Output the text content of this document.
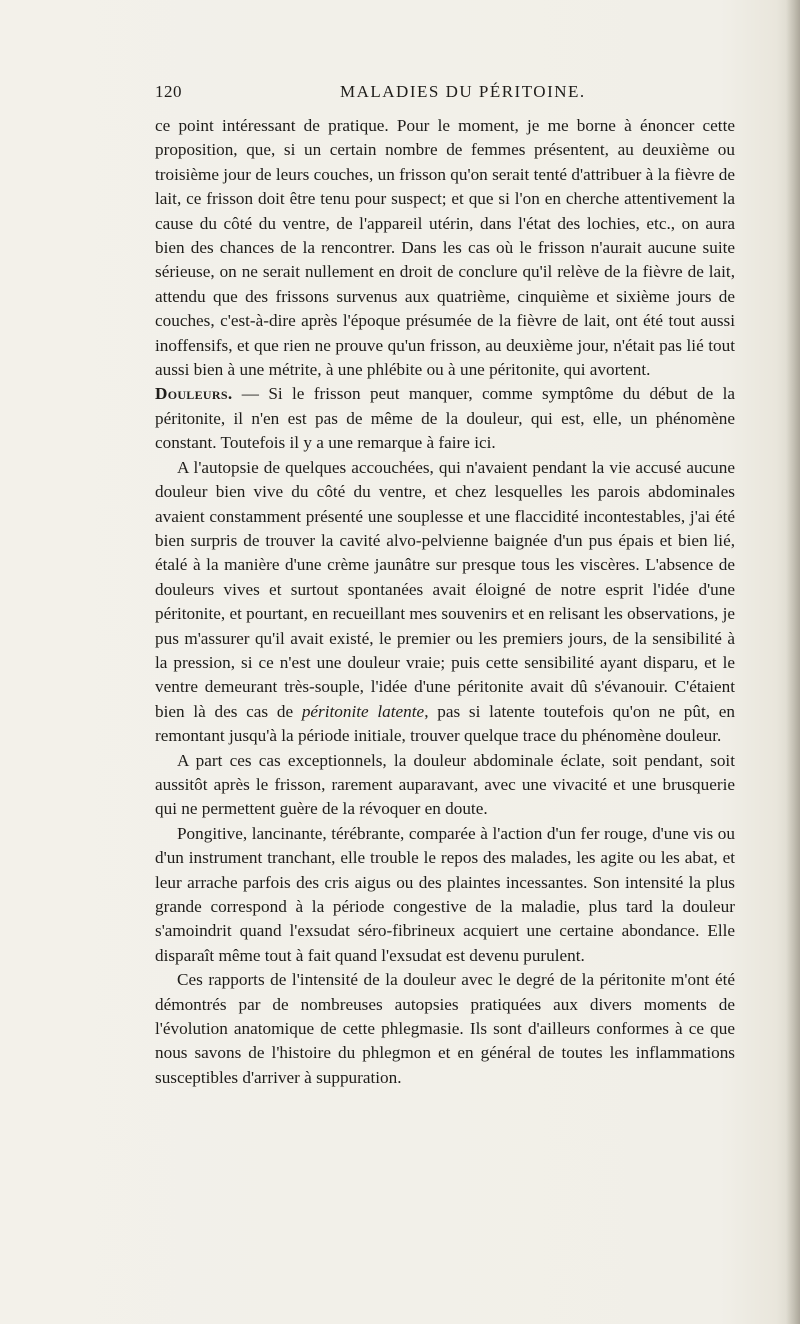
120	MALADIES DU PÉRITOINE.

ce point intéressant de pratique. Pour le moment, je me borne à énoncer cette proposition, que, si un certain nombre de femmes présentent, au deuxième ou troisième jour de leurs couches, un frisson qu'on serait tenté d'attribuer à la fièvre de lait, ce frisson doit être tenu pour suspect; et que si l'on en cherche attentivement la cause du côté du ventre, de l'appareil utérin, dans l'état des lochies, etc., on aura bien des chances de la rencontrer. Dans les cas où le frisson n'aurait aucune suite sérieuse, on ne serait nullement en droit de conclure qu'il relève de la fièvre de lait, attendu que des frissons survenus aux quatrième, cinquième et sixième jours de couches, c'est-à-dire après l'époque présumée de la fièvre de lait, ont été tout aussi inoffensifs, et que rien ne prouve qu'un frisson, au deuxième jour, n'était pas lié tout aussi bien à une métrite, à une phlébite ou à une péritonite, qui avortent.

Douleurs. — Si le frisson peut manquer, comme symptôme du début de la péritonite, il n'en est pas de même de la douleur, qui est, elle, un phénomène constant. Toutefois il y a une remarque à faire ici.

A l'autopsie de quelques accouchées, qui n'avaient pendant la vie accusé aucune douleur bien vive du côté du ventre, et chez lesquelles les parois abdominales avaient constamment présenté une souplesse et une flaccidité incontestables, j'ai été bien surpris de trouver la cavité alvo-pelvienne baignée d'un pus épais et bien lié, étalé à la manière d'une crème jaunâtre sur presque tous les viscères. L'absence de douleurs vives et surtout spontanées avait éloigné de notre esprit l'idée d'une péritonite, et pourtant, en recueillant mes souvenirs et en relisant les observations, je pus m'assurer qu'il avait existé, le premier ou les premiers jours, de la sensibilité à la pression, si ce n'est une douleur vraie; puis cette sensibilité ayant disparu, et le ventre demeurant très-souple, l'idée d'une péritonite avait dû s'évanouir. C'étaient bien là des cas de péritonite latente, pas si latente toutefois qu'on ne pût, en remontant jusqu'à la période initiale, trouver quelque trace du phénomène douleur.

A part ces cas exceptionnels, la douleur abdominale éclate, soit pendant, soit aussitôt après le frisson, rarement auparavant, avec une vivacité et une brusquerie qui ne permettent guère de la révoquer en doute.

Pongitive, lancinante, térébrante, comparée à l'action d'un fer rouge, d'une vis ou d'un instrument tranchant, elle trouble le repos des malades, les agite ou les abat, et leur arrache parfois des cris aigus ou des plaintes incessantes. Son intensité la plus grande correspond à la période congestive de la maladie, plus tard la douleur s'amoindrit quand l'exsudat séro-fibrineux acquiert une certaine abondance. Elle disparaît même tout à fait quand l'exsudat est devenu purulent.

Ces rapports de l'intensité de la douleur avec le degré de la péritonite m'ont été démontrés par de nombreuses autopsies pratiquées aux divers moments de l'évolution anatomique de cette phlegmasie. Ils sont d'ailleurs conformes à ce que nous savons de l'histoire du phlegmon et en général de toutes les inflammations susceptibles d'arriver à suppuration.
